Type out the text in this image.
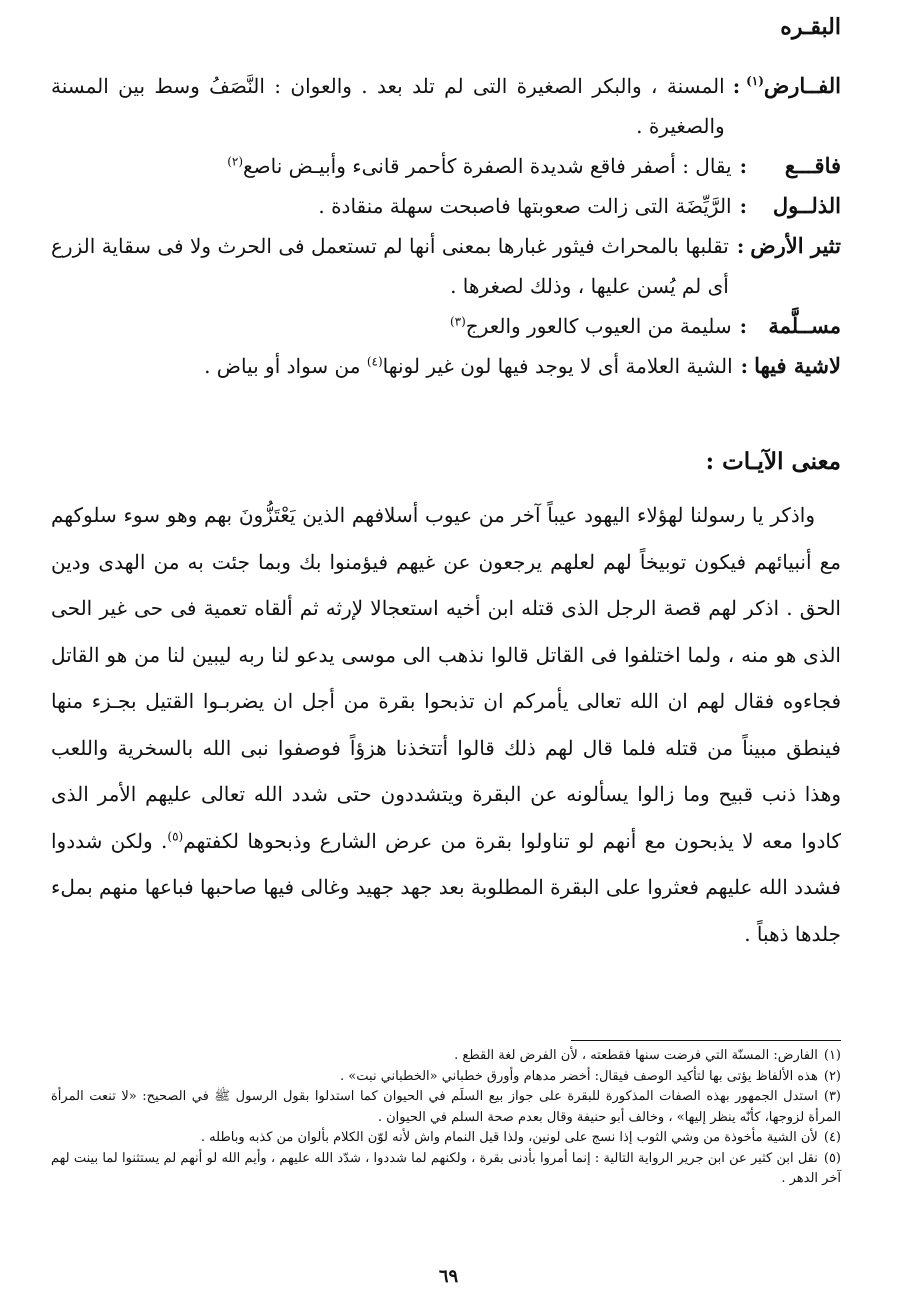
البقـره
الفــارض$^{(١)}$
:
المسنة ، والبكر الصغيرة التى لم تلد بعد . والعوان : النَّصَفُ وسط بين المسنة والصغيرة .
فاقـــع
:
يقال : أصفر فاقع شديدة الصفرة كأحمر قانىء وأبيـض ناصع$^{(٢)}$
الذلــول
:
الرَّيِّضَة التى زالت صعوبتها فاصبحت سهلة منقادة .
تثير الأرض
:
تقلبها بالمحراث فيثور غبارها بمعنى أنها لم تستعمل فى الحرث ولا فى سقاية الزرع أى لم يُسن عليها ، وذلك لصغرها .
مســلَّمة
:
سليمة من العيوب كالعور والعرج$^{(٣)}$
لاشية فيها
:
الشية العلامة أى لا يوجد فيها لون غير لونها$^{(٤)}$ من سواد أو بياض .
معنى الآيـات :
واذكر يا رسولنا لهؤلاء اليهود عيباً آخر من عيوب أسلافهم الذين يَعْتَزُّونَ بهم وهو سوء سلوكهم مع أنبيائهم فيكون توبيخاً لهم لعلهم يرجعون عن غيهم فيؤمنوا بك وبما جئت به من الهدى ودين الحق . اذكر لهم قصة الرجل الذى قتله ابن أخيه استعجالا لإرثه ثم ألقاه تعمية فى حى غير الحى الذى هو منه ، ولما اختلفوا فى القاتل قالوا نذهب الى موسى يدعو لنا ربه ليبين لنا من هو القاتل فجاءوه فقال لهم ان الله تعالى يأمركم ان تذبحوا بقرة من أجل ان يضربـوا القتيل بجـزء منها فينطق مبيناً من قتله فلما قال لهم ذلك قالوا أتتخذنا هزؤاً فوصفوا نبى الله بالسخرية واللعب وهذا ذنب قبيح وما زالوا يسألونه عن البقرة ويتشددون حتى شدد الله تعالى عليهم الأمر الذى كادوا معه لا يذبحون مع أنهم لو تناولوا بقرة من عرض الشارع وذبحوها لكفتهم$^{(٥)}$. ولكن شددوا فشدد الله عليهم فعثروا على البقرة المطلوبة بعد جهد جهيد وغالى فيها صاحبها فباعها منهم بملء جلدها ذهباً .
(١)الفارض: المسنّة التي فرضت سنها فقطعته ، لأن الفرض لغة القطع .
(٢)هذه الألفاظ يؤتى بها لتأكيد الوصف فيقال: أخضر مدهام وأورق خطباني «الخطباني نبت» .
(٣)استدل الجمهور بهذه الصفات المذكورة للبقرة على جواز بيع السلَم في الحيوان كما استدلوا بقول الرسول ﷺ في الصحيح: «لا تنعت المرأة المرأة لزوجها، كأنّه ينظر إليها» ، وخالف أبو حنيفة وقال بعدم صحة السلم في الحيوان .
(٤)لأن الشية مأخوذة من وشي الثوب إذا نسج على لونين، ولذا قيل النمام واش لأنه لوّن الكلام بألوان من كذبه وباطله .
(٥)نقل ابن كثير عن ابن جرير الرواية التالية : إنما أمروا بأدنى بقرة ، ولكنهم لما شددوا ، شدّد الله عليهم ، وأيم الله لو أنهم لم يستثنوا لما بينت لهم آخر الدهر .
٦٩
